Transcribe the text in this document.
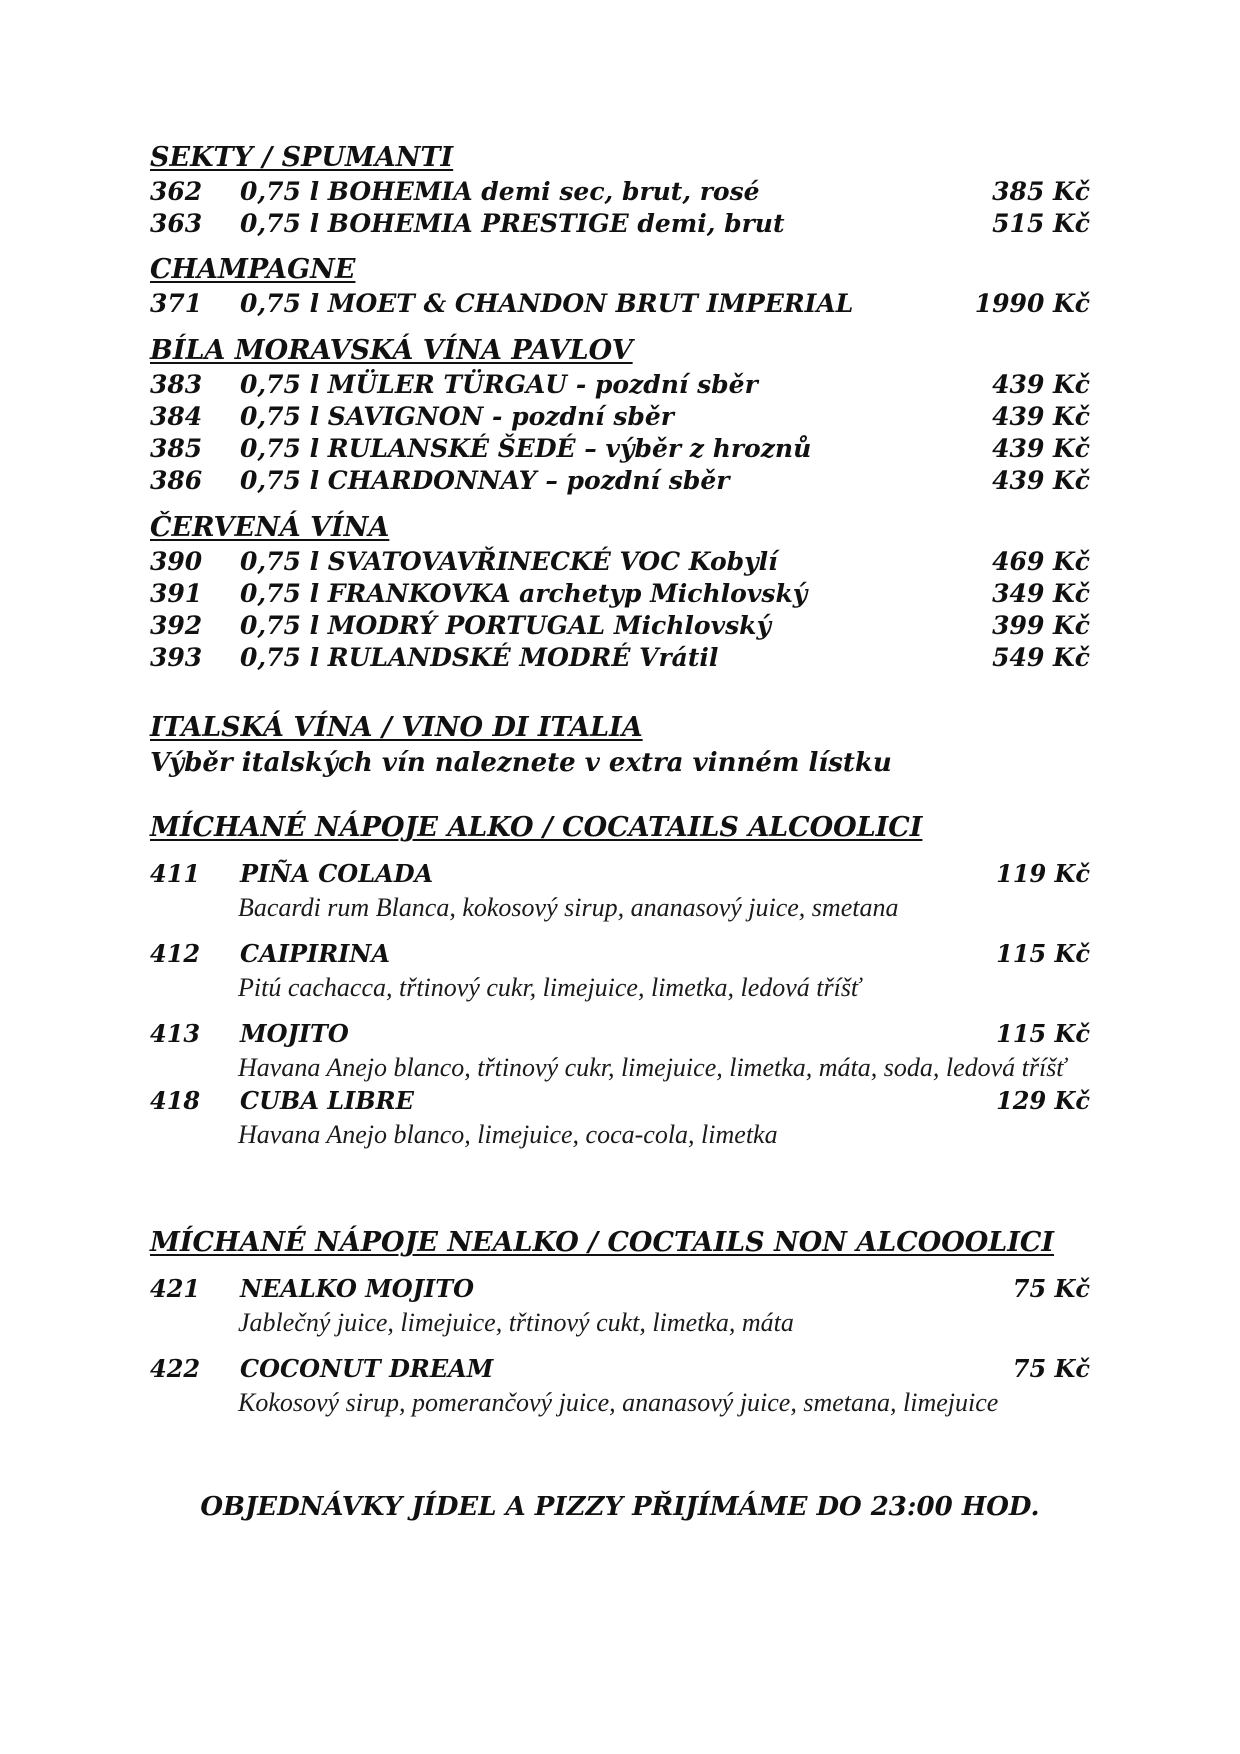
SEKTY / SPUMANTI
362 0,75 l BOHEMIA demi sec, brut, rosé	385 Kč
363 0,75 l BOHEMIA PRESTIGE demi, brut	515 Kč
CHAMPAGNE
371 0,75 l MOET & CHANDON BRUT IMPERIAL	1990 Kč
BÍLA MORAVSKÁ VÍNA PAVLOV
383 0,75 l MÜLER TÜRGAU - pozdní sběr	439 Kč
384 0,75 l SAVIGNON - pozdní sběr	439 Kč
385 0,75 l RULANSKÉ ŠEDÉ – výběr z hroznů	439 Kč
386 0,75 l CHARDONNAY – pozdní sběr	439 Kč
ČERVENÁ VÍNA
390 0,75 l SVATOVAVŘINECKÉ VOC Kobylí	469 Kč
391 0,75 l FRANKOVKA archetyp Michlovský	349 Kč
392 0,75 l MODRÝ PORTUGAL Michlovský	399 Kč
393 0,75 l RULANDSKÉ MODRÉ Vrátil	549 Kč
ITALSKÁ VÍNA / VINO DI ITALIA
Výběr italských vín naleznete v extra vinném lístku
MÍCHANÉ NÁPOJE ALKO / COCATAILS ALCOOLICI
411 PIÑA COLADA	119 Kč
Bacardi rum Blanca, kokosový sirup, ananasový juice, smetana
412 CAIPIRINA	115 Kč
Pitú cachacca, třtinový cukr, limejuice, limetka, ledová tříšť
413 MOJITO	115 Kč
Havana Anejo blanco, třtinový cukr, limejuice, limetka, máta, soda, ledová tříšť
418 CUBA LIBRE	129 Kč
Havana Anejo blanco, limejuice, coca-cola, limetka
MÍCHANÉ NÁPOJE NEALKO / COCTAILS NON ALCOOOLICI
421 NEALKO MOJITO	75 Kč
Jablečný juice, limejuice, třtinový cukt, limetka, máta
422 COCONUT DREAM	75 Kč
Kokosový sirup, pomerančový juice, ananasový juice, smetana, limejuice
OBJEDNÁVKY JÍDEL A PIZZY PŘIJÍMÁME DO 23:00 HOD.
